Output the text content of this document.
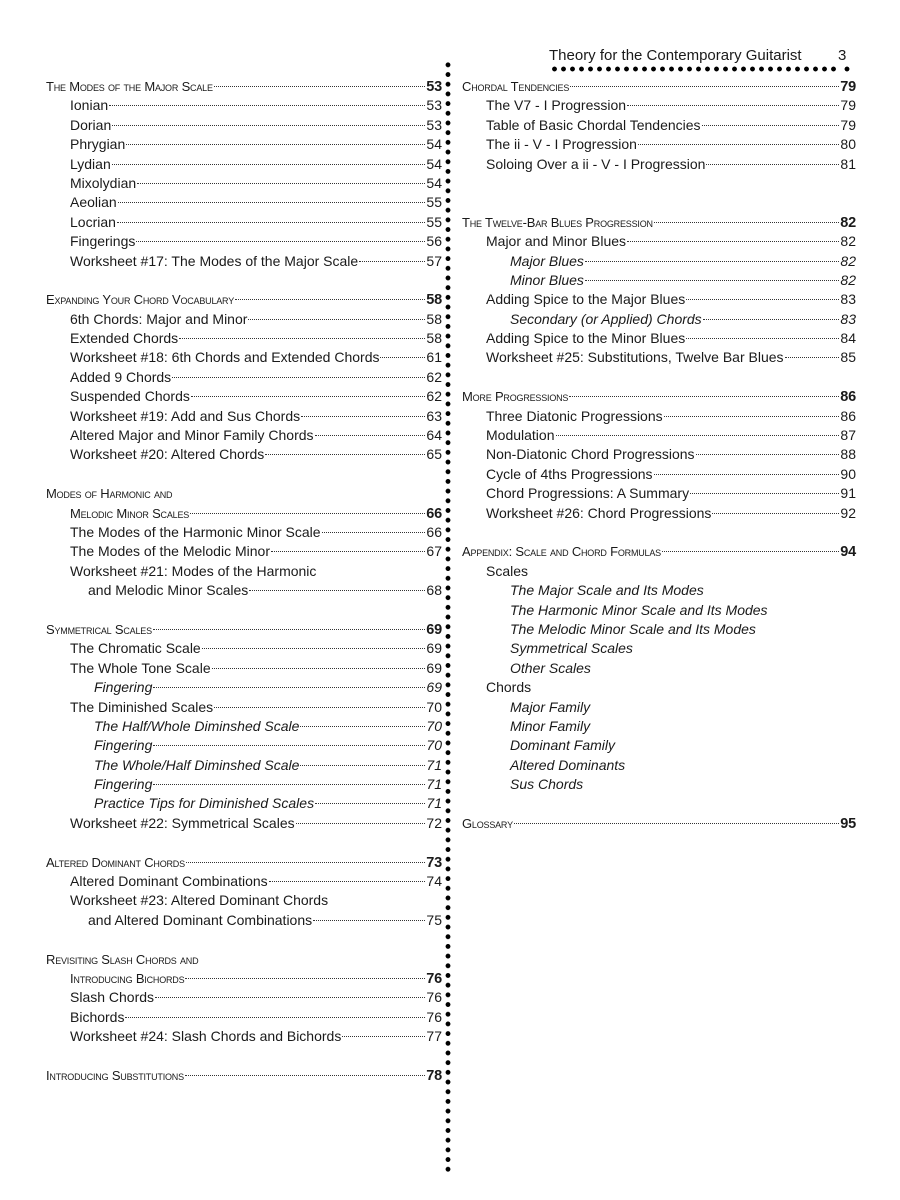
Theory for the Contemporary Guitarist 3
The Modes of the Major Scale	53
Ionian	53
Dorian	53
Phrygian	54
Lydian	54
Mixolydian	54
Aeolian	55
Locrian	55
Fingerings	56
Worksheet #17: The Modes of the Major Scale	57
Expanding Your Chord Vocabulary	58
6th Chords: Major and Minor	58
Extended Chords	58
Worksheet #18: 6th Chords and Extended Chords	61
Added 9 Chords	62
Suspended Chords	62
Worksheet #19: Add and Sus Chords	63
Altered Major and Minor Family Chords	64
Worksheet #20: Altered Chords	65
Modes of Harmonic and
Melodic Minor Scales	66
The Modes of the Harmonic Minor Scale	66
The Modes of the Melodic Minor	67
Worksheet #21: Modes of the Harmonic
and Melodic Minor Scales	68
Symmetrical Scales	69
The Chromatic Scale	69
The Whole Tone Scale	69
Fingering	69
The Diminished Scales	70
The Half/Whole Diminshed Scale	70
Fingering	70
The Whole/Half Diminshed Scale	71
Fingering	71
Practice Tips for Diminished Scales	71
Worksheet #22: Symmetrical Scales	72
Altered Dominant Chords	73
Altered Dominant Combinations	74
Worksheet #23: Altered Dominant Chords
and Altered Dominant Combinations	75
Revisiting Slash Chords and
Introducing Bichords	76
Slash Chords	76
Bichords	76
Worksheet #24: Slash Chords and Bichords	77
Introducing Substitutions	78
Chordal Tendencies	79
The V7 - I Progression	79
Table of Basic Chordal Tendencies	79
The ii - V - I Progression	80
Soloing Over a ii - V - I Progression	81
The Twelve-Bar Blues Progression	82
Major and Minor Blues	82
Major Blues	82
Minor Blues	82
Adding Spice to the Major Blues	83
Secondary (or Applied) Chords	83
Adding Spice to the Minor Blues	84
Worksheet #25: Substitutions, Twelve Bar Blues	85
More Progressions	86
Three Diatonic Progressions	86
Modulation	87
Non-Diatonic Chord Progressions	88
Cycle of 4ths Progressions	90
Chord Progressions: A Summary	91
Worksheet #26: Chord Progressions	92
Appendix: Scale and Chord Formulas	94
Scales
The Major Scale and Its Modes
The Harmonic Minor Scale and Its Modes
The Melodic Minor Scale and Its Modes
Symmetrical Scales
Other Scales
Chords
Major Family
Minor Family
Dominant Family
Altered Dominants
Sus Chords
Glossary	95
